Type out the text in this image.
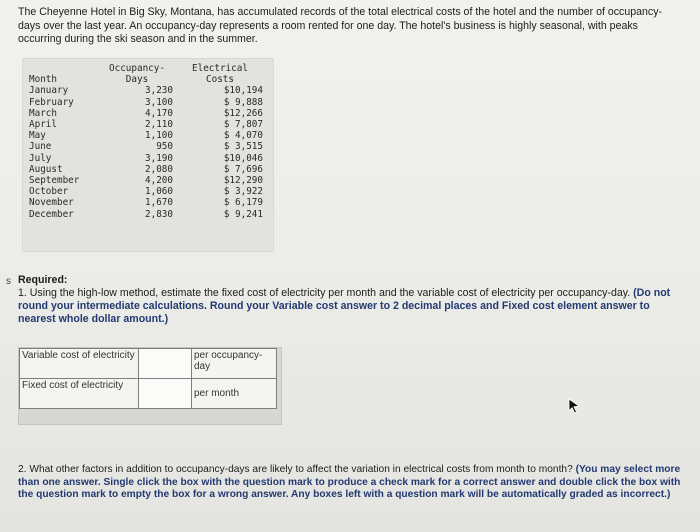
The Cheyenne Hotel in Big Sky, Montana, has accumulated records of the total electrical costs of the hotel and the number of occupancy-days over the last year. An occupancy-day represents a room rented for one day. The hotel's business is highly seasonal, with peaks occurring during the ski season and in the summer.
	Occupancy-	Electrical
Month	Days	Costs
January	3,230	$10,194
February	3,100	$ 9,888
March	4,170	$12,266
April	2,110	$ 7,807
May	1,100	$ 4,070
June	950	$ 3,515
July	3,190	$10,046
August	2,080	$ 7,696
September	4,200	$12,290
October	1,060	$ 3,922
November	1,670	$ 6,179
December	2,830	$ 9,241
s Required:
1. Using the high-low method, estimate the fixed cost of electricity per month and the variable cost of electricity per occupancy-day. (Do not round your intermediate calculations. Round your Variable cost answer to 2 decimal places and Fixed cost element answer to nearest whole dollar amount.)
Variable cost of electricity		per occupancy-day
Fixed cost of electricity		per month
2. What other factors in addition to occupancy-days are likely to affect the variation in electrical costs from month to month? (You may select more than one answer. Single click the box with the question mark to produce a check mark for a correct answer and double click the box with the question mark to empty the box for a wrong answer. Any boxes left with a question mark will be automatically graded as incorrect.)
